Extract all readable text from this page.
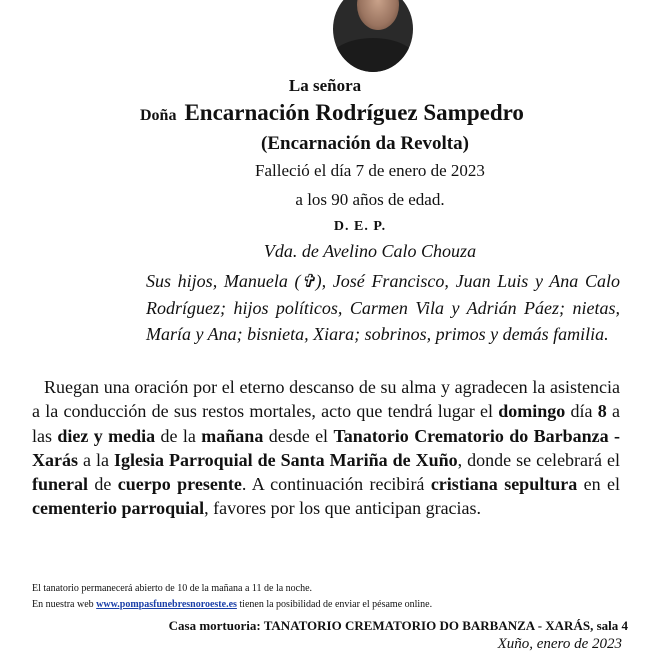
La señora
Doña Encarnación Rodríguez Sampedro
(Encarnación da Revolta)
Falleció el día 7 de enero de 2023
a los 90 años de edad.
D. E. P.
Vda. de Avelino Calo Chouza
Sus hijos, Manuela (✞), José Francisco, Juan Luis y Ana Calo Rodríguez; hijos políticos, Carmen Vila y Adrián Páez; nietas, María y Ana; bisnieta, Xiara; sobrinos, primos y demás familia.
Ruegan una oración por el eterno descanso de su alma y agradecen la asistencia a la conducción de sus restos mortales, acto que tendrá lugar el domingo día 8 a las diez y media de la mañana desde el Tanatorio Crematorio do Barbanza - Xarás a la Iglesia Parroquial de Santa Mariña de Xuño, donde se celebrará el funeral de cuerpo presente. A continuación recibirá cristiana sepultura en el cementerio parroquial, favores por los que anticipan gracias.
El tanatorio permanecerá abierto de 10 de la mañana a 11 de la noche.
En nuestra web www.pompasfunebresnoroeste.es tienen la posibilidad de enviar el pésame online.
Casa mortuoria: TANATORIO CREMATORIO DO BARBANZA - XARÁS, sala 4
Xuño, enero de 2023
